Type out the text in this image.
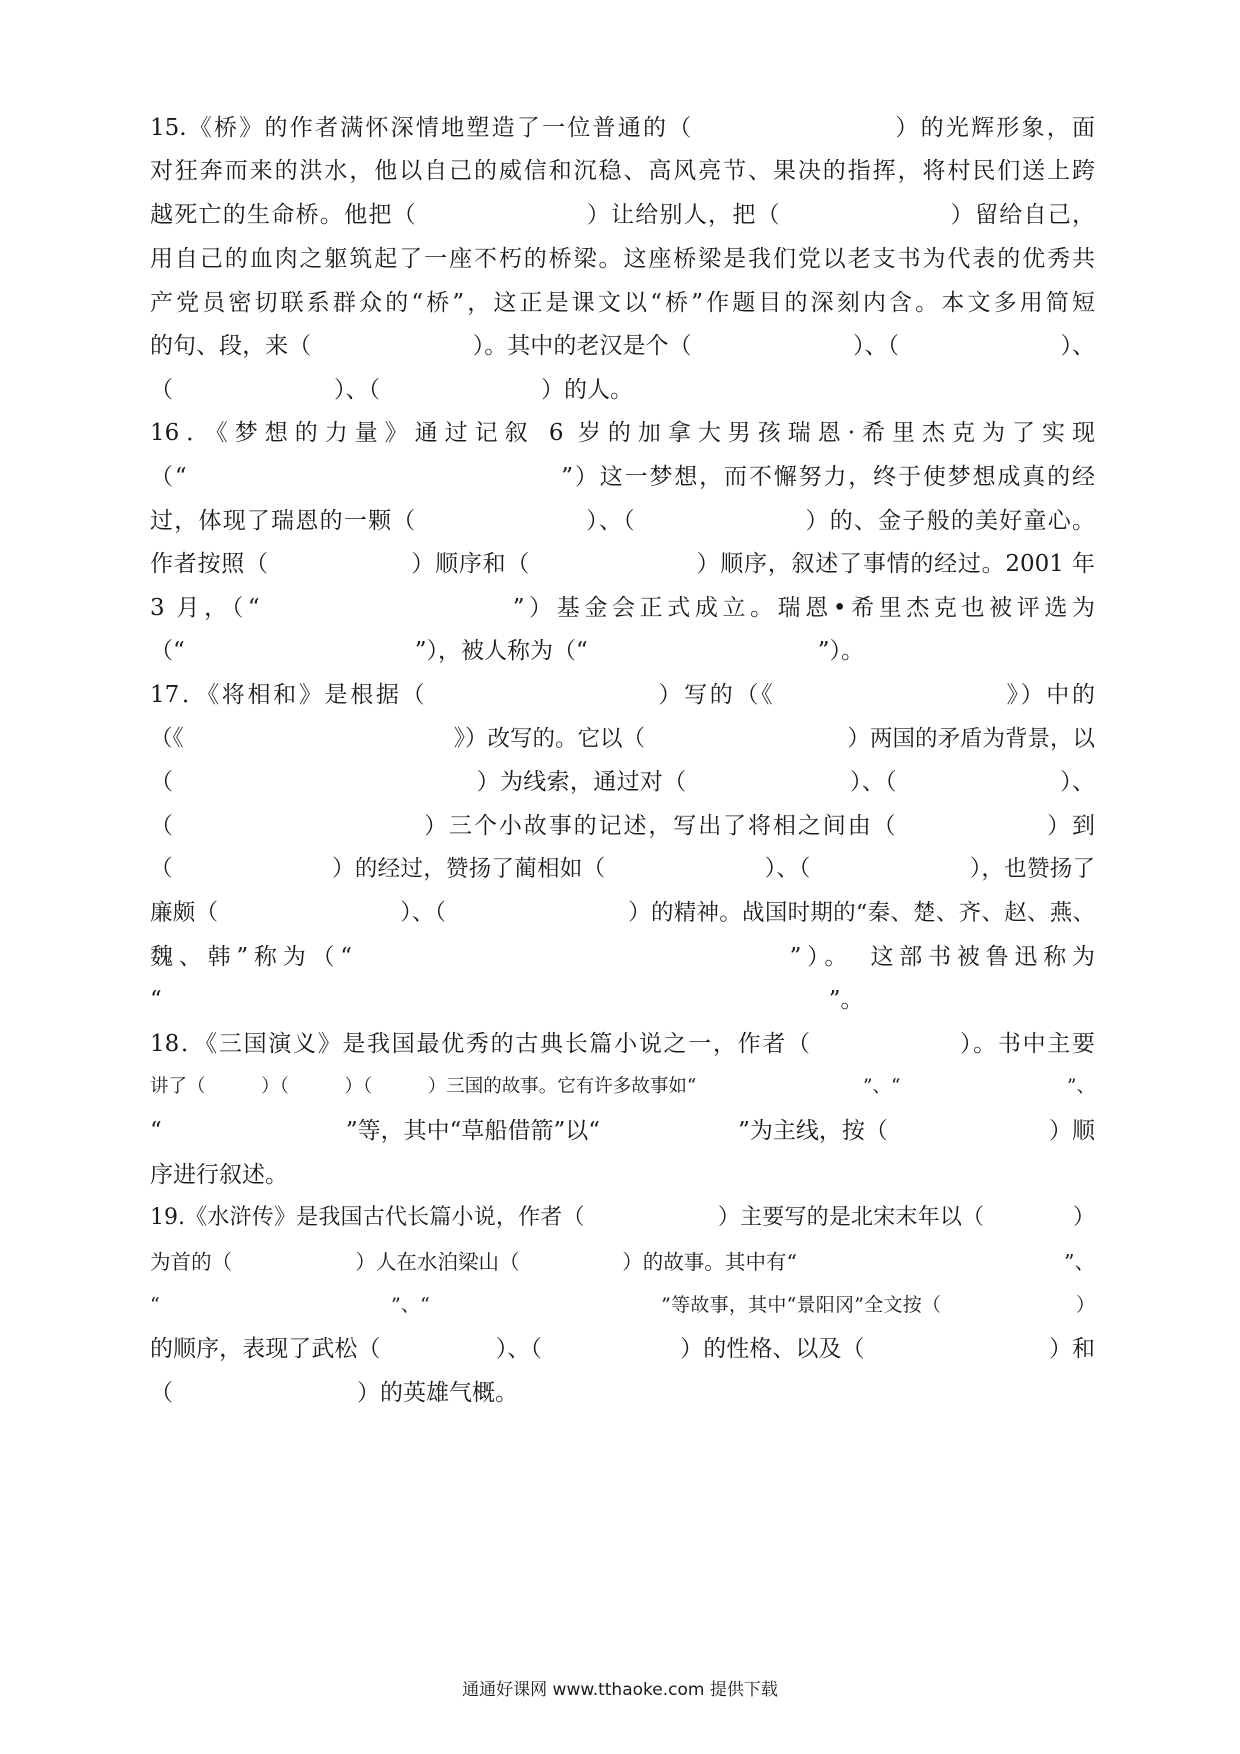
15.《桥》的作者满怀深情地塑造了一位普通的（　　　　　　　　）的光辉形象，面
对狂奔而来的洪水，他以自己的威信和沉稳、高风亮节、果决的指挥，将村民们送上跨
越死亡的生命桥。他把（　　　　　　　）让给别人，把（　　　　　　　）留给自己，
用自己的血肉之躯筑起了一座不朽的桥梁。这座桥梁是我们党以老支书为代表的优秀共
产党员密切联系群众的“桥”，这正是课文以“桥”作题目的深刻内含。本文多用简短
的句、段，来（　　　　　　　）。其中的老汉是个（　　　　　　　）、（　　　　　　　）、
（　　　　　　　）、（　　　　　　　）的人。
16．《梦想的力量》通过记叙 6 岁的加拿大男孩瑞恩·希里杰克为了实现
（“　　　　　　　　　　　　　　　”）这一梦想，而不懈努力，终于使梦想成真的经
过，体现了瑞恩的一颗（　　　　　　　）、（　　　　　　　）的、金子般的美好童心。
作者按照（　　　　　　）顺序和（　　　　　　　）顺序，叙述了事情的经过。2001 年
3 月，（“　　　　　　　　　”）基金会正式成立。瑞恩•希里杰克也被评选为
（“　　　　　　　　　　”），被人称为（“　　　　　　　　　　”）。
17．《将相和》是根据（　　　　　　　　　）写的（《　　　　　　　　　》）中的
（《　　　　　　　　　　　　》）改写的。它以（　　　　　　　　　）两国的矛盾为背景，以
（　　　　　　　　　　　　　）为线索，通过对（　　　　　　　）、（　　　　　　　）、
（　　　　　　　　　　）三个小故事的记述，写出了将相之间由（　　　　　　）到
（　　　　　　　）的经过，赞扬了蔺相如（　　　　　　　）、（　　　　　　　），也赞扬了
廉颇（　　　　　　　　）、（　　　　　　　　）的精神。战国时期的“秦、楚、齐、赵、燕、
魏、韩”称为（“　　　　　　　　　　　　　　　”）。　这部书被鲁迅称为
“　　　　　　　　　　　　　　　　　　　　　　　　　　　　　”。
18．《三国演义》是我国最优秀的古典长篇小说之一，作者（　　　　　　）。书中主要
讲了（　　　）（　　　）（　　　）三国的故事。它有许多故事如“　　　　　　　　　”、“　　　　　　　　　”、
“　　　　　　　　”等，其中“草船借箭”以“　　　　　　”为主线，按（　　　　　　　）顺
序进行叙述。
19.《水浒传》是我国古代长篇小说，作者（　　　　　　）主要写的是北宋末年以（　　　　）
为首的（　　　　　　）人在水泊梁山（　　　　　）的故事。其中有“　　　　　　　　　　　　　”、
“　　　　　　　　　　　　”、“　　　　　　　　　　　　”等故事，其中“景阳冈”全文按（　　　　　　　）
的顺序，表现了武松（　　　　　）、（　　　　　　）的性格、以及（　　　　　　　　）和
（　　　　　　　　）的英雄气概。
通通好课网 www.tthaoke.com 提供下载
